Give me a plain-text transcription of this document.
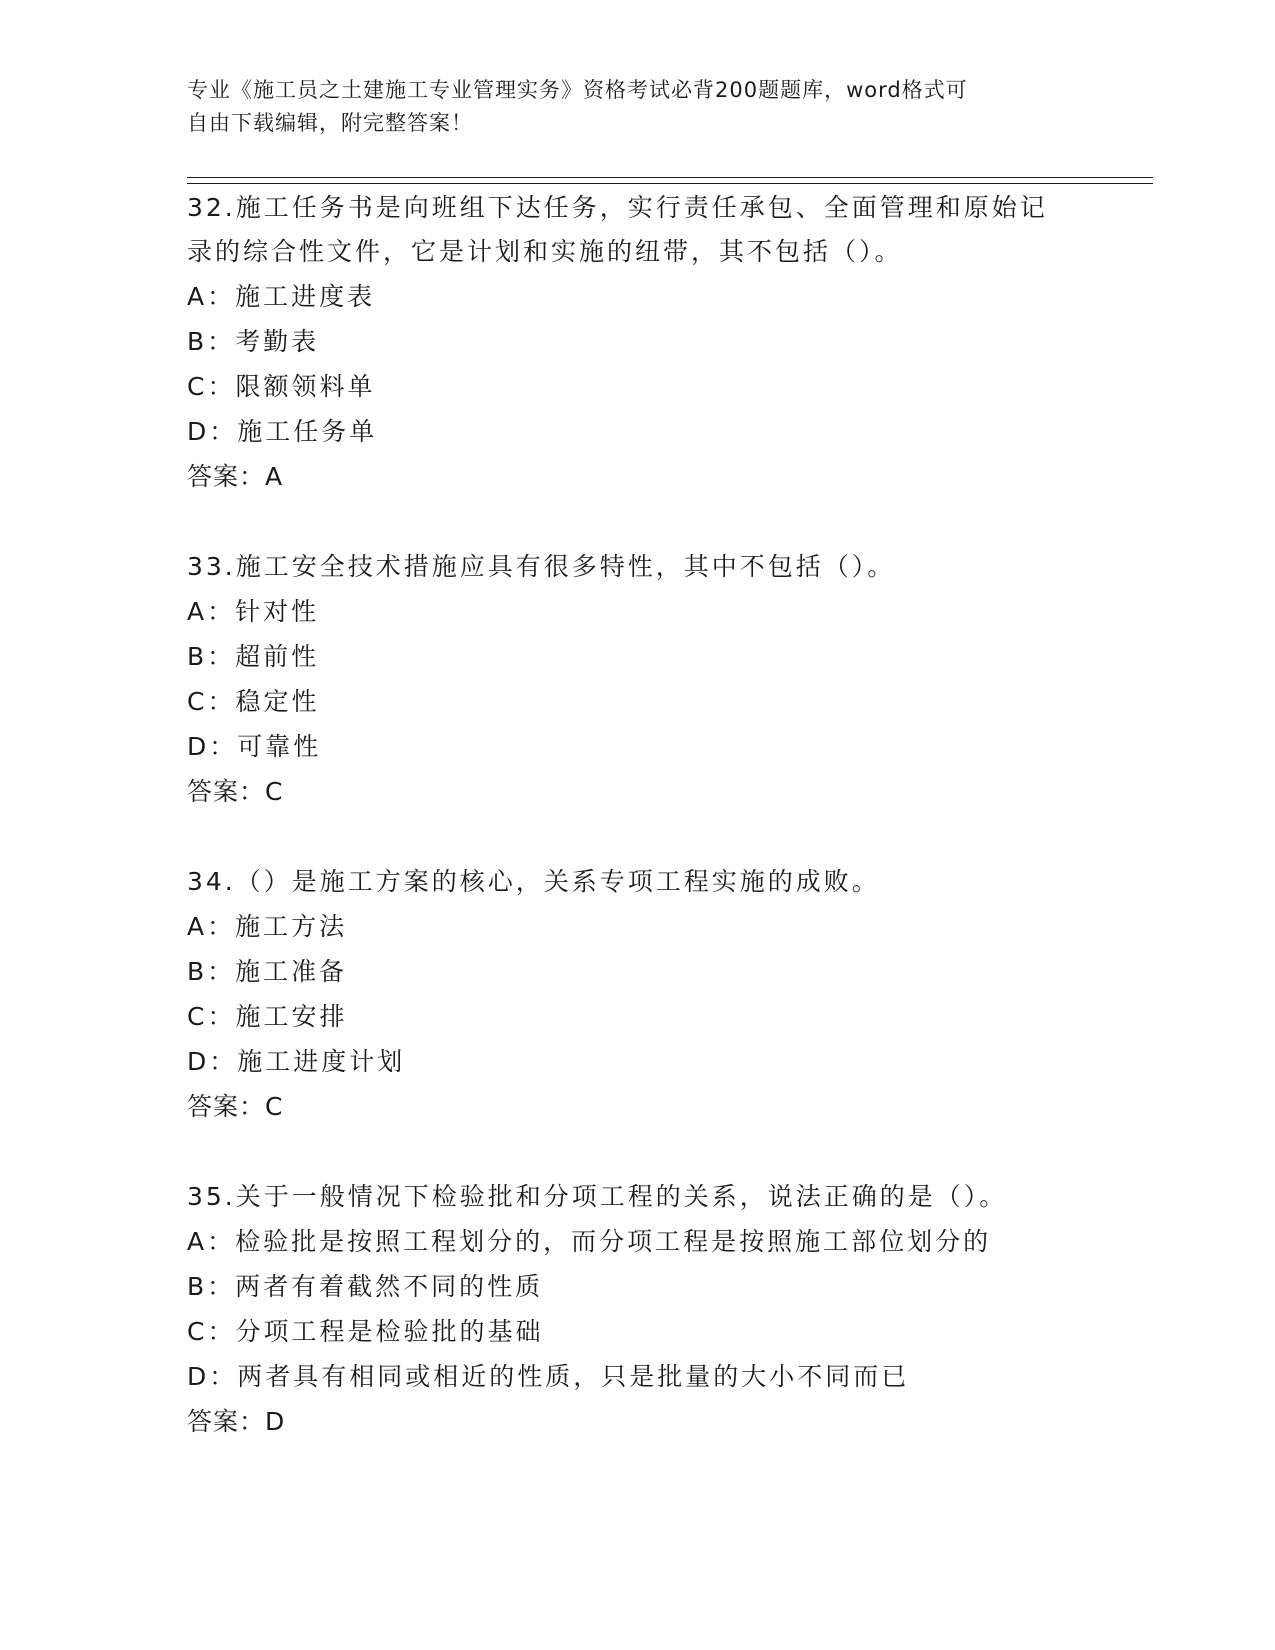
专业《施工员之土建施工专业管理实务》资格考试必背200题题库，word格式可
自由下载编辑，附完整答案！
32.施工任务书是向班组下达任务，实行责任承包、全面管理和原始记
录的综合性文件，它是计划和实施的纽带，其不包括（）。
A：施工进度表
B：考勤表
C：限额领料单
D：施工任务单
答案：A
33.施工安全技术措施应具有很多特性，其中不包括（）。
A：针对性
B：超前性
C：稳定性
D：可靠性
答案：C
34.（）是施工方案的核心，关系专项工程实施的成败。
A：施工方法
B：施工准备
C：施工安排
D：施工进度计划
答案：C
35.关于一般情况下检验批和分项工程的关系，说法正确的是（）。
A：检验批是按照工程划分的，而分项工程是按照施工部位划分的
B：两者有着截然不同的性质
C：分项工程是检验批的基础
D：两者具有相同或相近的性质，只是批量的大小不同而已
答案：D
